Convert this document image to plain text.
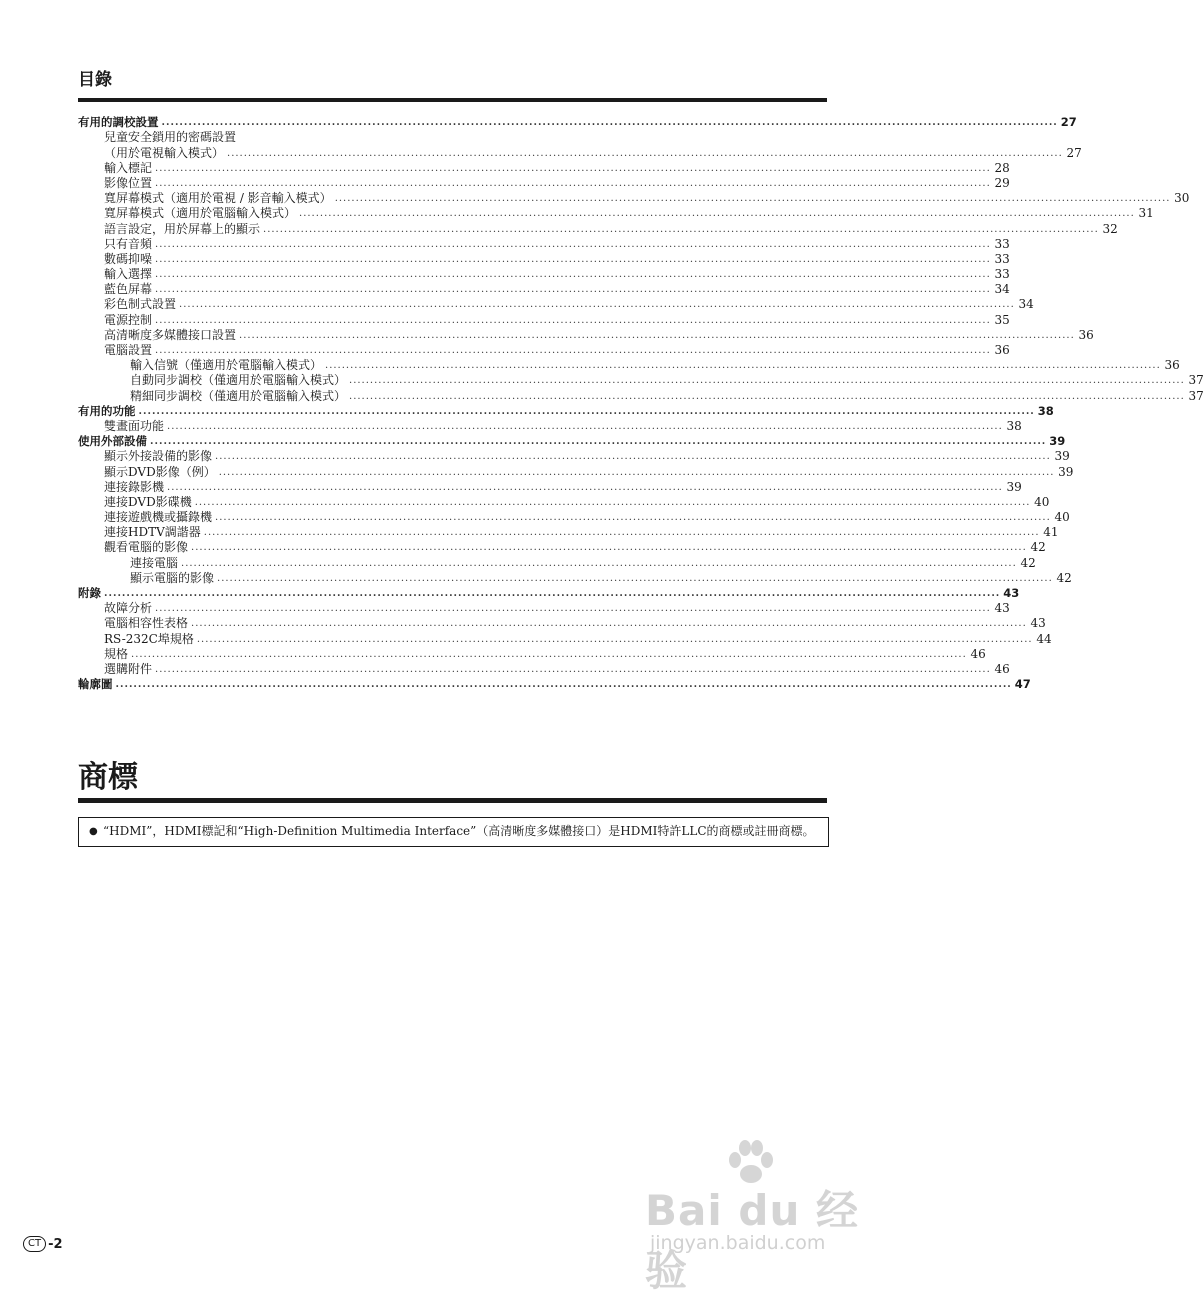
目錄
有用的調校設置 ........................................................................................................................................................................................................ 27
兒童安全鎖用的密碼設置
（用於電視輸入模式） ........................................................................................................................................................................................................ 27
輸入標記 ........................................................................................................................................................................................................ 28
影像位置 ........................................................................................................................................................................................................ 29
寬屏幕模式（適用於電視 / 影音輸入模式） ........................................................................................................................................................................................................ 30
寬屏幕模式（適用於電腦輸入模式） ........................................................................................................................................................................................................ 31
語言設定，用於屏幕上的顯示 ........................................................................................................................................................................................................ 32
只有音頻 ........................................................................................................................................................................................................ 33
數碼抑噪 ........................................................................................................................................................................................................ 33
輸入選擇 ........................................................................................................................................................................................................ 33
藍色屏幕 ........................................................................................................................................................................................................ 34
彩色制式設置 ........................................................................................................................................................................................................ 34
電源控制 ........................................................................................................................................................................................................ 35
高清晰度多媒體接口設置 ........................................................................................................................................................................................................ 36
電腦設置 ........................................................................................................................................................................................................ 36
輸入信號（僅適用於電腦輸入模式） ........................................................................................................................................................................................................ 36
自動同步調校（僅適用於電腦輸入模式） ........................................................................................................................................................................................................ 37
精細同步調校（僅適用於電腦輸入模式） ........................................................................................................................................................................................................ 37
有用的功能 ........................................................................................................................................................................................................ 38
雙畫面功能 ........................................................................................................................................................................................................ 38
使用外部設備 ........................................................................................................................................................................................................ 39
顯示外接設備的影像 ........................................................................................................................................................................................................ 39
顯示DVD影像（例） ........................................................................................................................................................................................................ 39
連接錄影機 ........................................................................................................................................................................................................ 39
連接DVD影碟機 ........................................................................................................................................................................................................ 40
連接遊戲機或攝錄機 ........................................................................................................................................................................................................ 40
連接HDTV調諧器 ........................................................................................................................................................................................................ 41
觀看電腦的影像 ........................................................................................................................................................................................................ 42
連接電腦 ........................................................................................................................................................................................................ 42
顯示電腦的影像 ........................................................................................................................................................................................................ 42
附錄 ........................................................................................................................................................................................................ 43
故障分析 ........................................................................................................................................................................................................ 43
電腦相容性表格 ........................................................................................................................................................................................................ 43
RS-232C埠規格 ........................................................................................................................................................................................................ 44
規格 ........................................................................................................................................................................................................ 46
選購附件 ........................................................................................................................................................................................................ 46
輪廓圖 ........................................................................................................................................................................................................ 47
商標
● “HDMI”，HDMI標記和“High-Definition Multimedia Interface”（高清晰度多媒體接口）是HDMI特許LLC的商標或註冊商標。
CT -2
Bai du 经验
jingyan.baidu.com
